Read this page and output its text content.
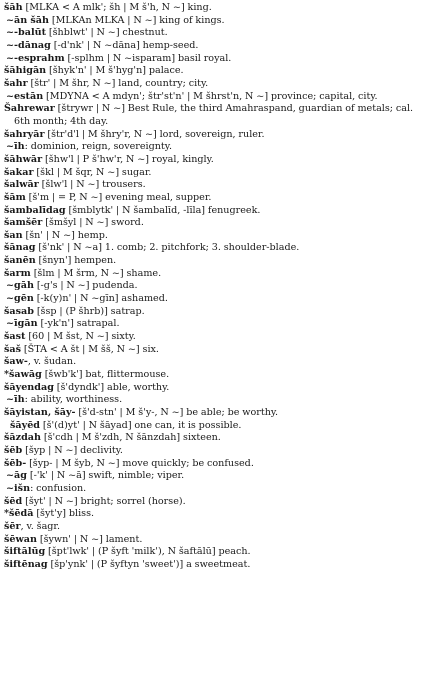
šāh [MLKA < A mlk'; šh | M š'h, N ~] king.

~ān šāh [MLKAn MLKA | N ~] king of kings.

~-balūt [šhblwt' | N ~] chestnut.

~-dānag [-d'nk' | N ~dāna] hemp-seed.

~-esprahm [-splhm | N ~isparam] basil royal.

šāhigān [šhyk'n' | M š'hyg'n] palace.

šahr [štr' | M šhr, N ~] land, country; city.

~estān [MDYNA < A mdyn'; štr'st'n' | M šhrst'n, N ~] province; capital, city.

Šahrewar [štrywr | N ~] Best Rule, the third Amahraspand, guardian of metals; cal. 6th month; 4th day.

šahryār [štr'd'l | M šhry'r, N ~] lord, sovereign, ruler.

~īh: dominion, reign, sovereignty.

šāhwār [šhw'l | P š'hw'r, N ~] royal, kingly.

šakar [škl | M šqr, N ~] sugar.

šalwār [šlw'l | N ~] trousers.

šām [š'm | = P, N ~] evening meal, supper.

šambalīdag [šmblytk' | N šambalīd, -līla] fenugreek.

šamšēr [šmšyl | N ~] sword.

šan [šn' | N ~] hemp.

šānag [š'nk' | N ~a] 1. comb; 2. pitchfork; 3. shoulder-blade.

šanēn [šnyn'] hempen.

šarm [šlm | M šrm, N ~] shame.

~gāh [-g's | N ~] pudenda.

~gēn [-k(y)n' | N ~gīn] ashamed.

šasab [šsp | (P šhrb)] satrap.

~īgān [-yk'n'] satrapal.

šast [60 | M šst, N ~] sixty.

šaš [ŠTA < A št | M šš, N ~] six.

šaw-, v. šudan.

*šawāg [šwb'k'] bat, flittermouse.

šāyendag [š'dyndk'] able, worthy.

~īh: ability, worthiness.

šāyistan, šāy- [š'd-stn' | M š'y-, N ~] be able; be worthy.

šāyēd [š'(d)yt' | N šāyad] one can, it is possible.

šāzdah [š'cdh | M š'zdh, N šānzdah] sixteen.

šēb [šyp | N ~] declivity.

šēb- [šyp- | M šyb, N ~] move quickly; be confused.

~āg [-'k' | N ~ā] swift, nimble; viper.

~išn: confusion.

šēd [šyt' | N ~] bright; sorrel (horse).

*šēdā [šyt'y] bliss.

šēr, v. šagr.

šēwan [šywn' | N ~] lament.

šiftālūg [špt'lwk' | (P šyft 'milk'), N šaftālū] peach.

šiftēnag [šp'ynk' | (P šyftyn 'sweet')] a sweetmeat.
